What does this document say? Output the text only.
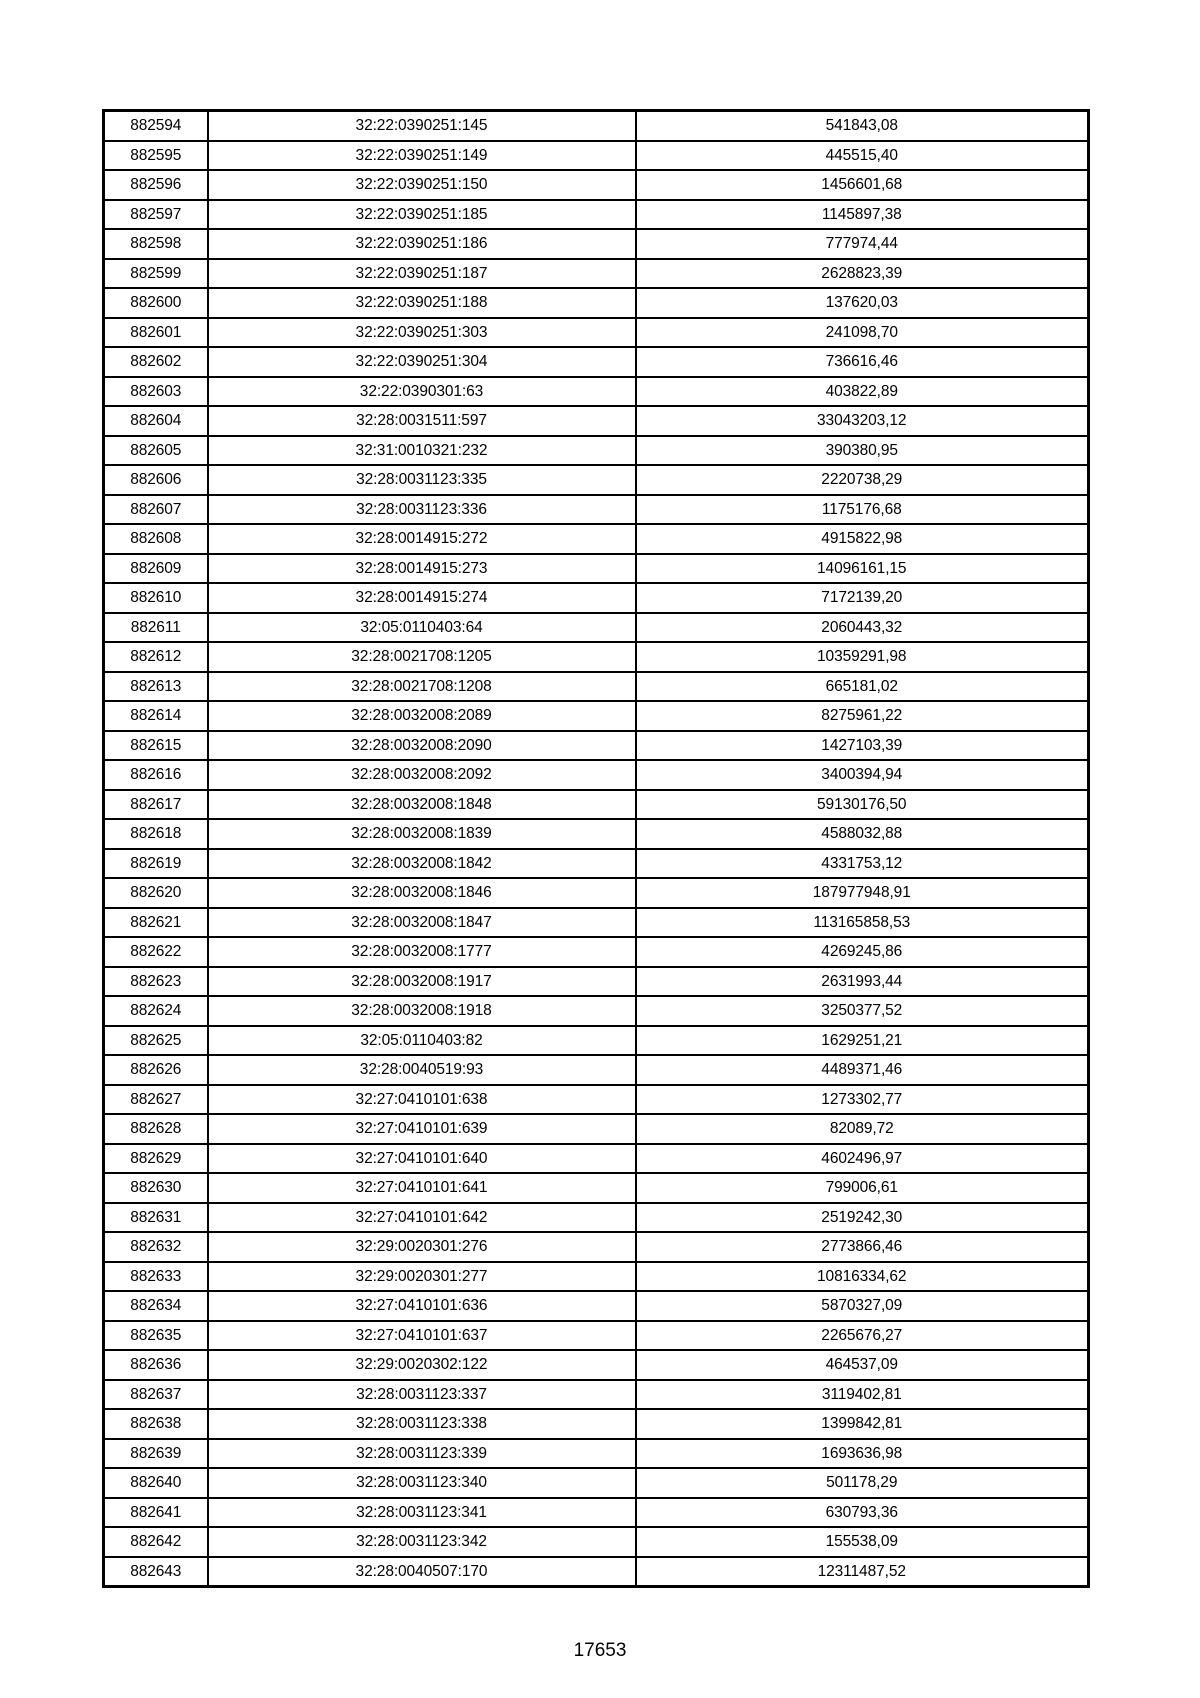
882594	32:22:0390251:145	541843,08
882595	32:22:0390251:149	445515,40
882596	32:22:0390251:150	1456601,68
882597	32:22:0390251:185	1145897,38
882598	32:22:0390251:186	777974,44
882599	32:22:0390251:187	2628823,39
882600	32:22:0390251:188	137620,03
882601	32:22:0390251:303	241098,70
882602	32:22:0390251:304	736616,46
882603	32:22:0390301:63	403822,89
882604	32:28:0031511:597	33043203,12
882605	32:31:0010321:232	390380,95
882606	32:28:0031123:335	2220738,29
882607	32:28:0031123:336	1175176,68
882608	32:28:0014915:272	4915822,98
882609	32:28:0014915:273	14096161,15
882610	32:28:0014915:274	7172139,20
882611	32:05:0110403:64	2060443,32
882612	32:28:0021708:1205	10359291,98
882613	32:28:0021708:1208	665181,02
882614	32:28:0032008:2089	8275961,22
882615	32:28:0032008:2090	1427103,39
882616	32:28:0032008:2092	3400394,94
882617	32:28:0032008:1848	59130176,50
882618	32:28:0032008:1839	4588032,88
882619	32:28:0032008:1842	4331753,12
882620	32:28:0032008:1846	187977948,91
882621	32:28:0032008:1847	113165858,53
882622	32:28:0032008:1777	4269245,86
882623	32:28:0032008:1917	2631993,44
882624	32:28:0032008:1918	3250377,52
882625	32:05:0110403:82	1629251,21
882626	32:28:0040519:93	4489371,46
882627	32:27:0410101:638	1273302,77
882628	32:27:0410101:639	82089,72
882629	32:27:0410101:640	4602496,97
882630	32:27:0410101:641	799006,61
882631	32:27:0410101:642	2519242,30
882632	32:29:0020301:276	2773866,46
882633	32:29:0020301:277	10816334,62
882634	32:27:0410101:636	5870327,09
882635	32:27:0410101:637	2265676,27
882636	32:29:0020302:122	464537,09
882637	32:28:0031123:337	3119402,81
882638	32:28:0031123:338	1399842,81
882639	32:28:0031123:339	1693636,98
882640	32:28:0031123:340	501178,29
882641	32:28:0031123:341	630793,36
882642	32:28:0031123:342	155538,09
882643	32:28:0040507:170	12311487,52
17653
